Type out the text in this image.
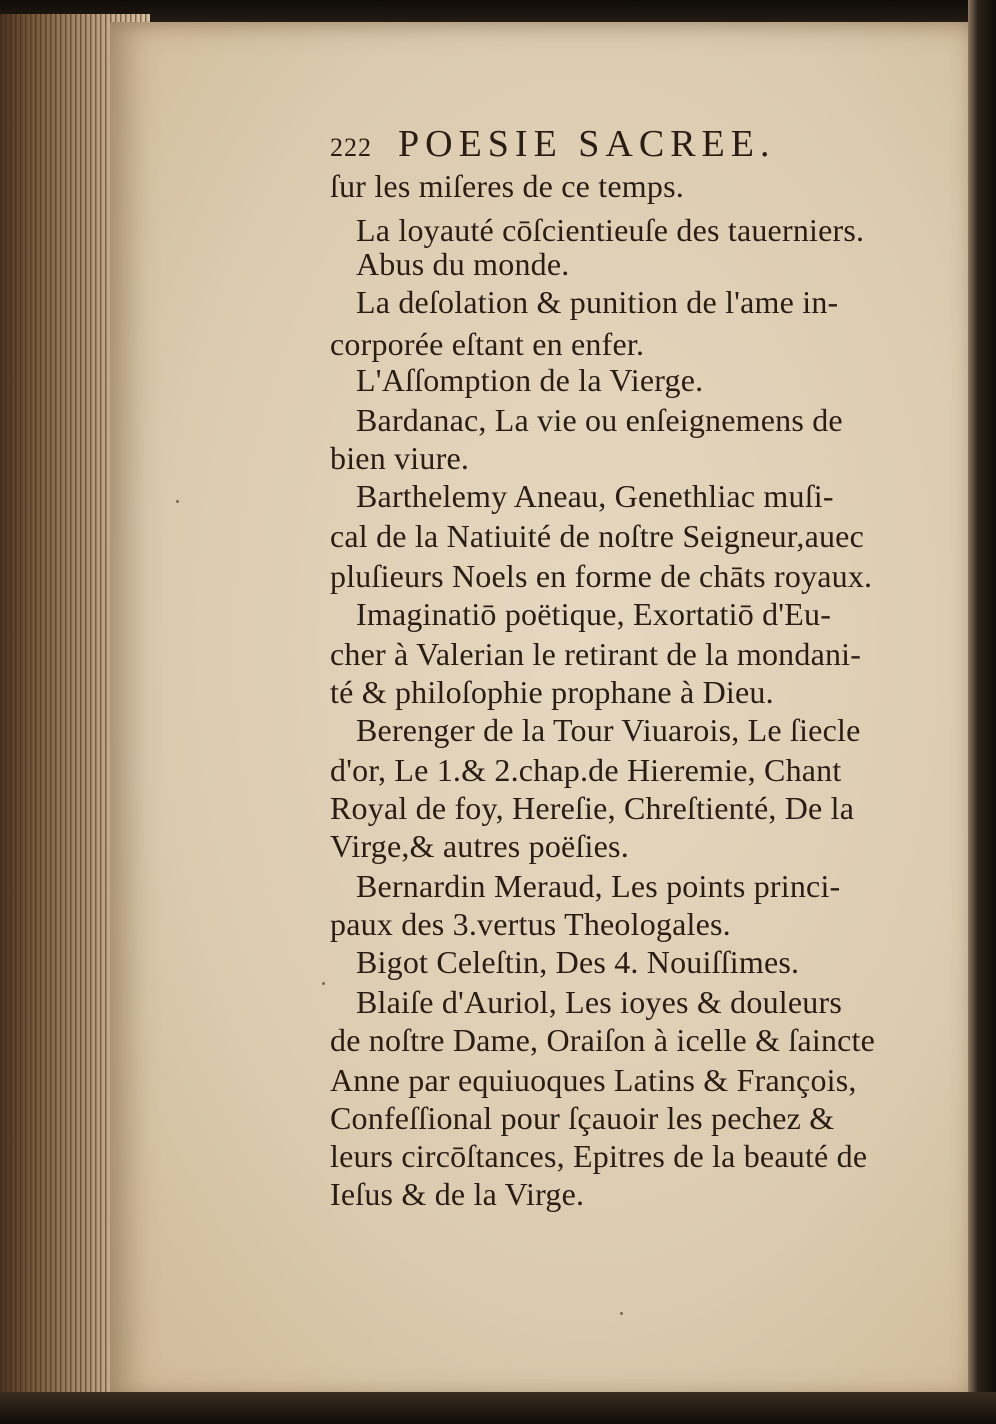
222 POESIE SACREE.
ſur les miſeres de ce temps.
La loyauté cōſcientieuſe des tauerniers.
Abus du monde.
La deſolation & punition de l'ame in-
corporée eſtant en enfer.
L'Aſſomption de la Vierge.
Bardanac, La vie ou enſeignemens de
bien viure.
Barthelemy Aneau, Genethliac muſi-
cal de la Natiuité de noſtre Seigneur,auec
pluſieurs Noels en forme de chāts royaux.
Imaginatiō poëtique, Exortatiō d'Eu-
cher à Valerian le retirant de la mondani-
té & philoſophie prophane à Dieu.
Berenger de la Tour Viuarois, Le ſiecle
d'or, Le 1.& 2.chap.de Hieremie, Chant
Royal de foy, Hereſie, Chreſtienté, De la
Virge,& autres poëſies.
Bernardin Meraud, Les points princi-
paux des 3.vertus Theologales.
Bigot Celeſtin, Des 4. Nouiſſimes.
Blaiſe d'Auriol, Les ioyes & douleurs
de noſtre Dame, Oraiſon à icelle & ſaincte
Anne par equiuoques Latins & François,
Confeſſional pour ſçauoir les pechez &
leurs circōſtances, Epitres de la beauté de
Ieſus & de la Virge.
